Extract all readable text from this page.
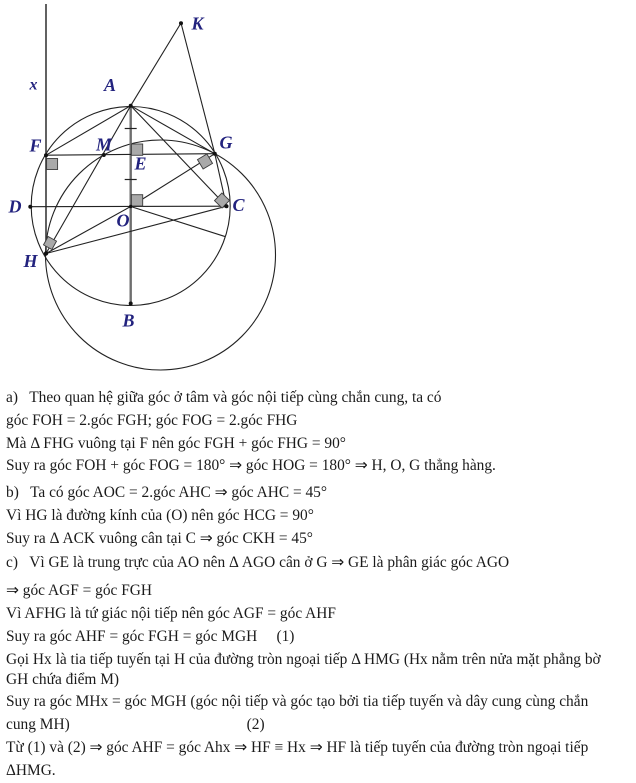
K
x	A
F	M
E
G
D
O
C
H
B
a)   Theo quan hệ giữa góc ở tâm và góc nội tiếp cùng chắn cung, ta có
góc FOH = 2.góc FGH; góc FOG = 2.góc FHG
Mà Δ FHG vuông tại F nên góc FGH + góc FHG = 90°
Suy ra góc FOH + góc FOG = 180° ⇒ góc HOG = 180° ⇒ H, O, G thẳng hàng.
b)   Ta có góc AOC = 2.góc AHC ⇒ góc AHC = 45°
Vì HG là đường kính của (O) nên góc HCG = 90°
Suy ra Δ ACK vuông cân tại C ⇒ góc CKH = 45°
c)   Vì GE là trung trực của AO nên Δ AGO cân ở G ⇒ GE là phân giác góc AGO
⇒ góc AGF = góc FGH
Vì AFHG là tứ giác nội tiếp nên góc AGF = góc AHF
Suy ra góc AHF = góc FGH = góc MGH     (1)
Gọi Hx là tia tiếp tuyến tại H của đường tròn ngoại tiếp Δ HMG (Hx nằm trên nửa mặt phẳng bờ
GH chứa điểm M)
Suy ra góc MHx = góc MGH (góc nội tiếp và góc tạo bởi tia tiếp tuyến và dây cung cùng chắn
cung MH)                                              (2)
Từ (1) và (2) ⇒ góc AHF = góc Ahx ⇒ HF ≡ Hx ⇒ HF là tiếp tuyến của đường tròn ngoại tiếp
ΔHMG.
